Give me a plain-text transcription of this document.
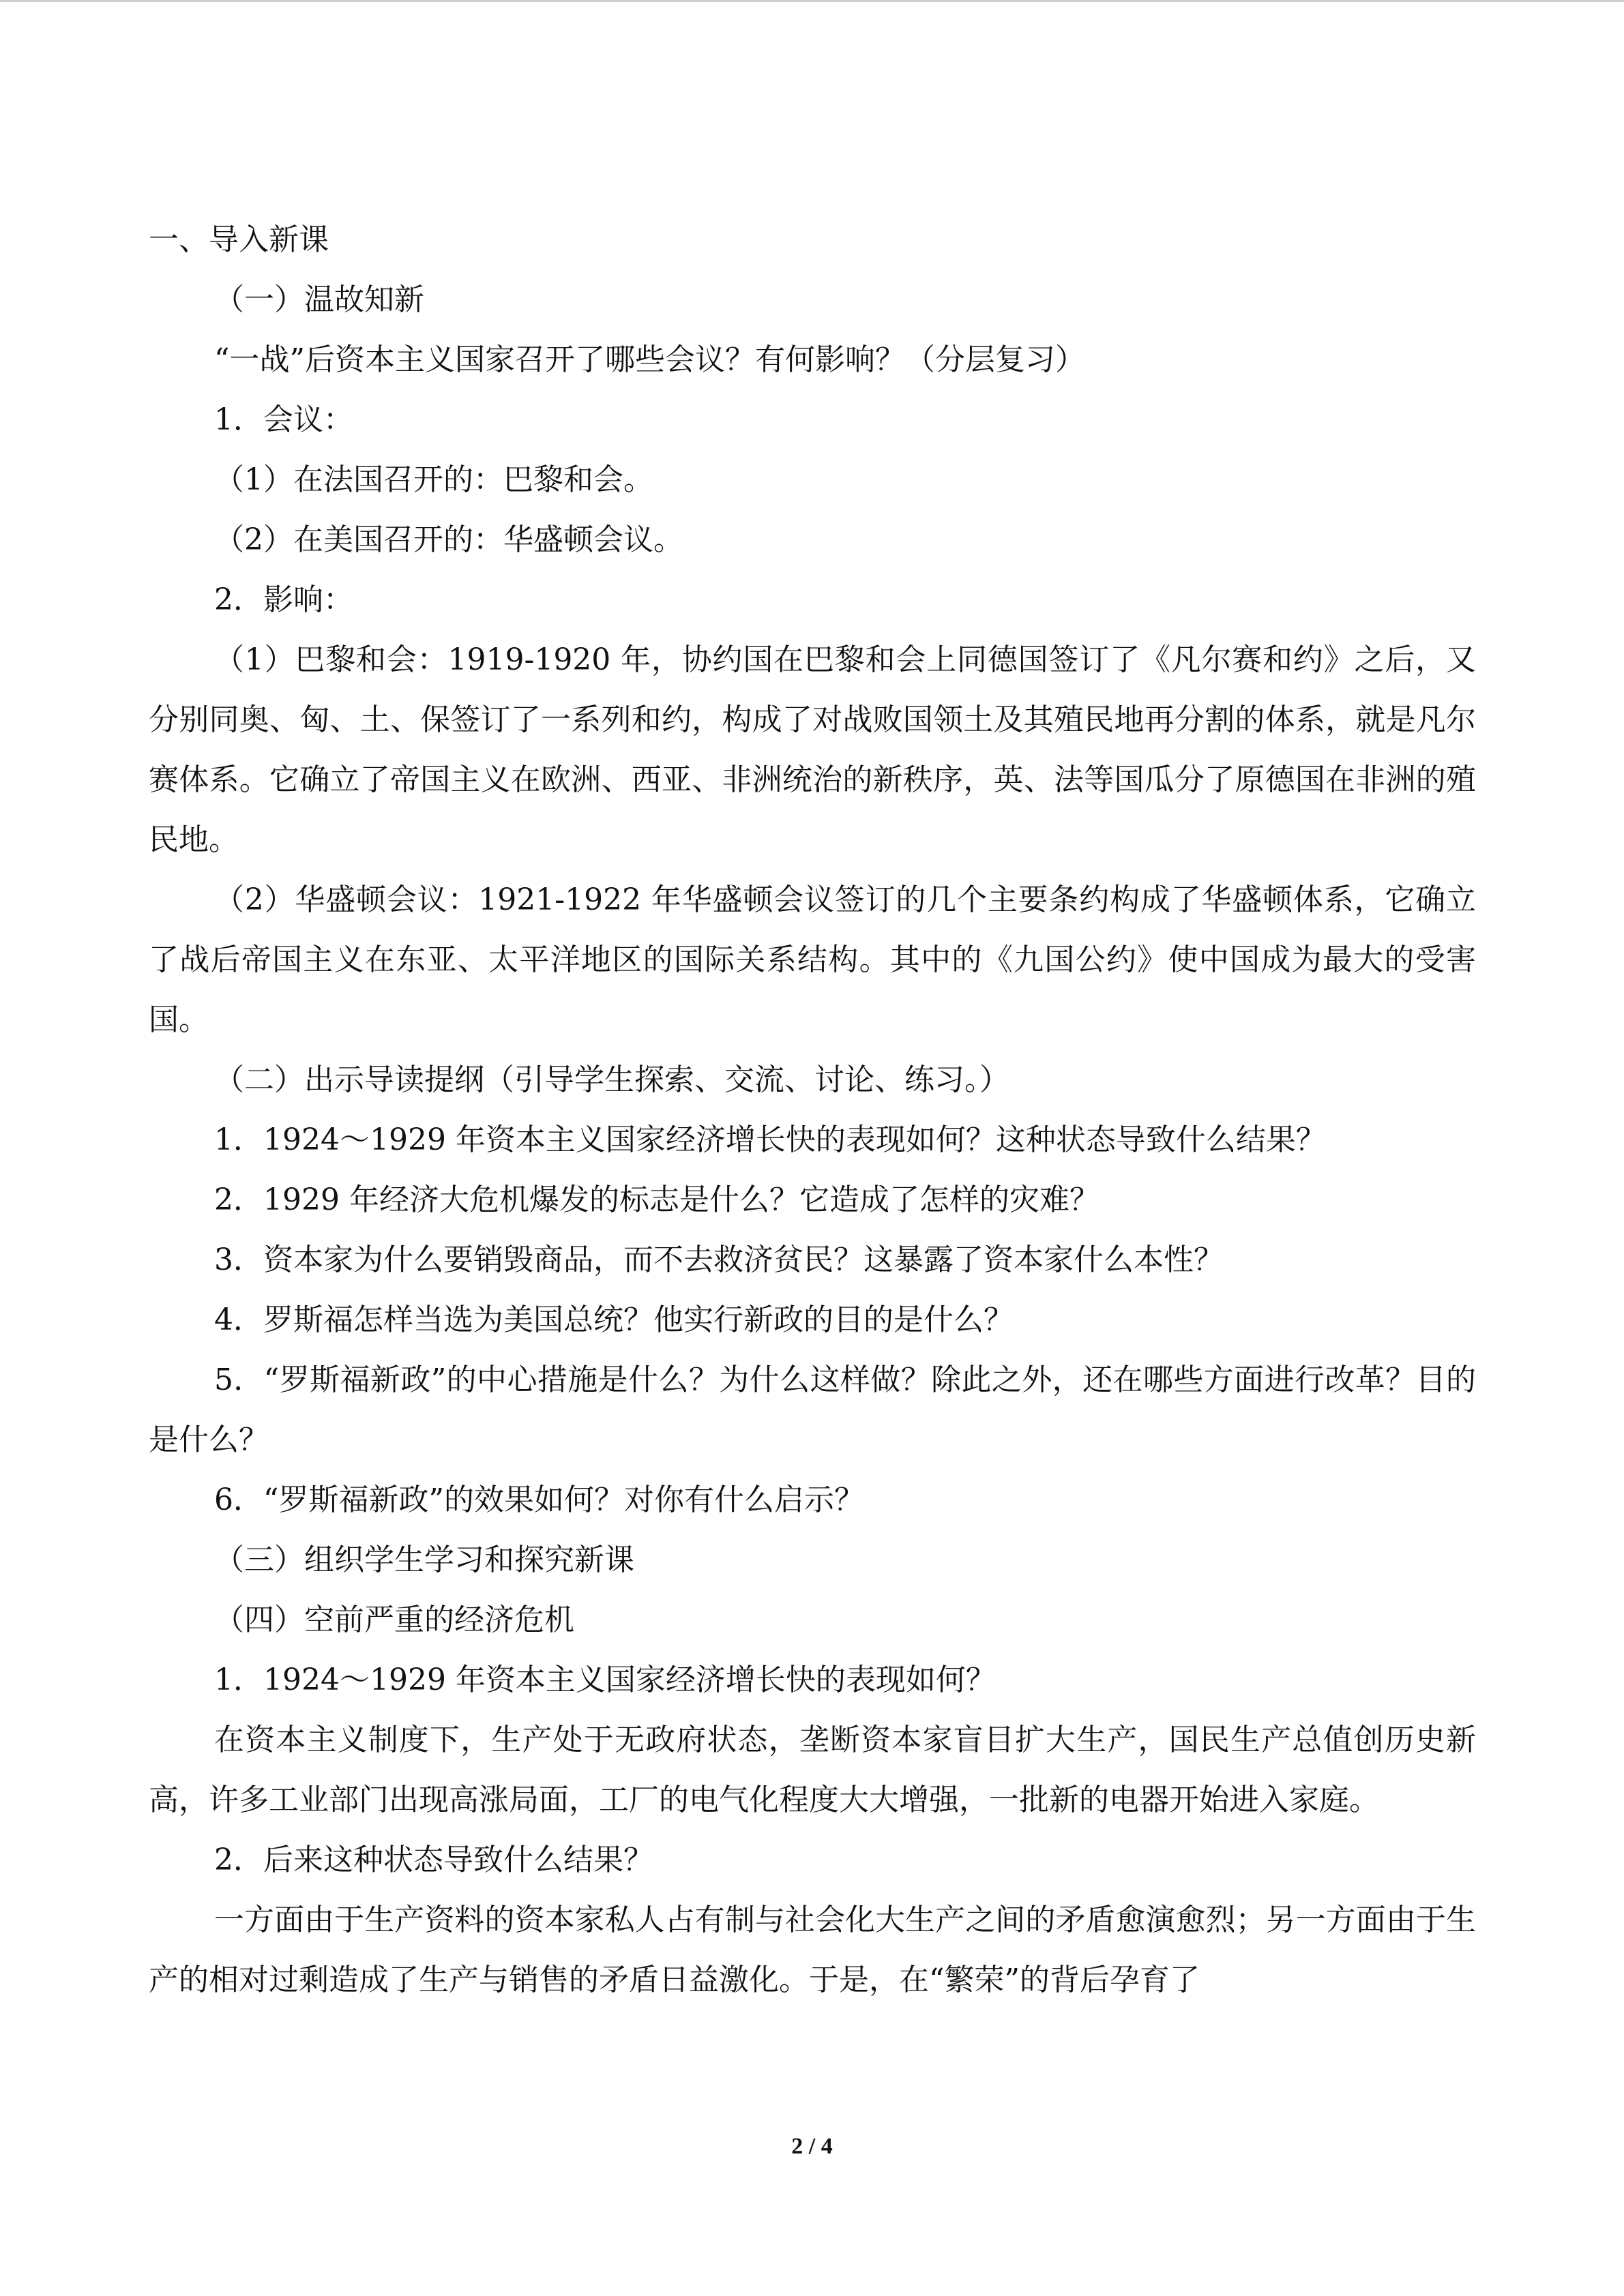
一、导入新课

（一）温故知新

“一战”后资本主义国家召开了哪些会议？有何影响？（分层复习）

1．会议：

（1）在法国召开的：巴黎和会。

（2）在美国召开的：华盛顿会议。

2．影响：

（1）巴黎和会：1919-1920 年，协约国在巴黎和会上同德国签订了《凡尔赛和约》之后，又分别同奥、匈、土、保签订了一系列和约，构成了对战败国领土及其殖民地再分割的体系，就是凡尔赛体系。它确立了帝国主义在欧洲、西亚、非洲统治的新秩序，英、法等国瓜分了原德国在非洲的殖民地。

（2）华盛顿会议：1921-1922 年华盛顿会议签订的几个主要条约构成了华盛顿体系，它确立了战后帝国主义在东亚、太平洋地区的国际关系结构。其中的《九国公约》使中国成为最大的受害国。

（二）出示导读提纲（引导学生探索、交流、讨论、练习。）

1．1924～1929 年资本主义国家经济增长快的表现如何？这种状态导致什么结果？

2．1929 年经济大危机爆发的标志是什么？它造成了怎样的灾难？

3．资本家为什么要销毁商品，而不去救济贫民？这暴露了资本家什么本性？

4．罗斯福怎样当选为美国总统？他实行新政的目的是什么？

5．“罗斯福新政”的中心措施是什么？为什么这样做？除此之外，还在哪些方面进行改革？目的是什么？

6．“罗斯福新政”的效果如何？对你有什么启示？

（三）组织学生学习和探究新课

（四）空前严重的经济危机

1．1924～1929 年资本主义国家经济增长快的表现如何？

在资本主义制度下，生产处于无政府状态，垄断资本家盲目扩大生产，国民生产总值创历史新高，许多工业部门出现高涨局面，工厂的电气化程度大大增强，一批新的电器开始进入家庭。

2．后来这种状态导致什么结果？

一方面由于生产资料的资本家私人占有制与社会化大生产之间的矛盾愈演愈烈；另一方面由于生产的相对过剩造成了生产与销售的矛盾日益激化。于是，在“繁荣”的背后孕育了

2 / 4
